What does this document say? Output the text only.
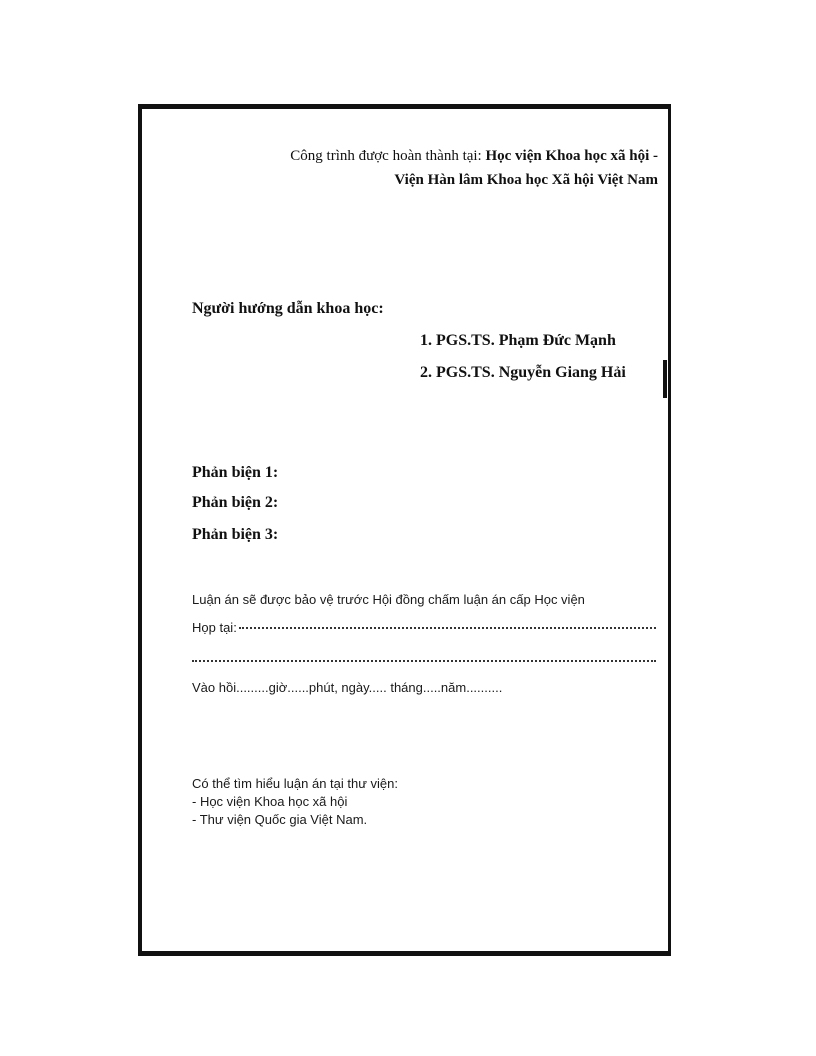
Công trình được hoàn thành tại: Học viện Khoa học xã hội -
Viện Hàn lâm Khoa học Xã hội Việt Nam
Người hướng dẫn khoa học:
1. PGS.TS. Phạm Đức Mạnh
2. PGS.TS. Nguyễn Giang Hải
Phản biện 1:
Phản biện 2:
Phản biện 3:
Luận án sẽ được bảo vệ trước Hội đồng chấm luận án cấp Học viện
Họp tại:
Vào hồi.........giờ......phút, ngày..... tháng.....năm..........
Có thể tìm hiểu luận án tại thư viện:
- Học viện Khoa học xã hội
- Thư viện Quốc gia Việt Nam.
